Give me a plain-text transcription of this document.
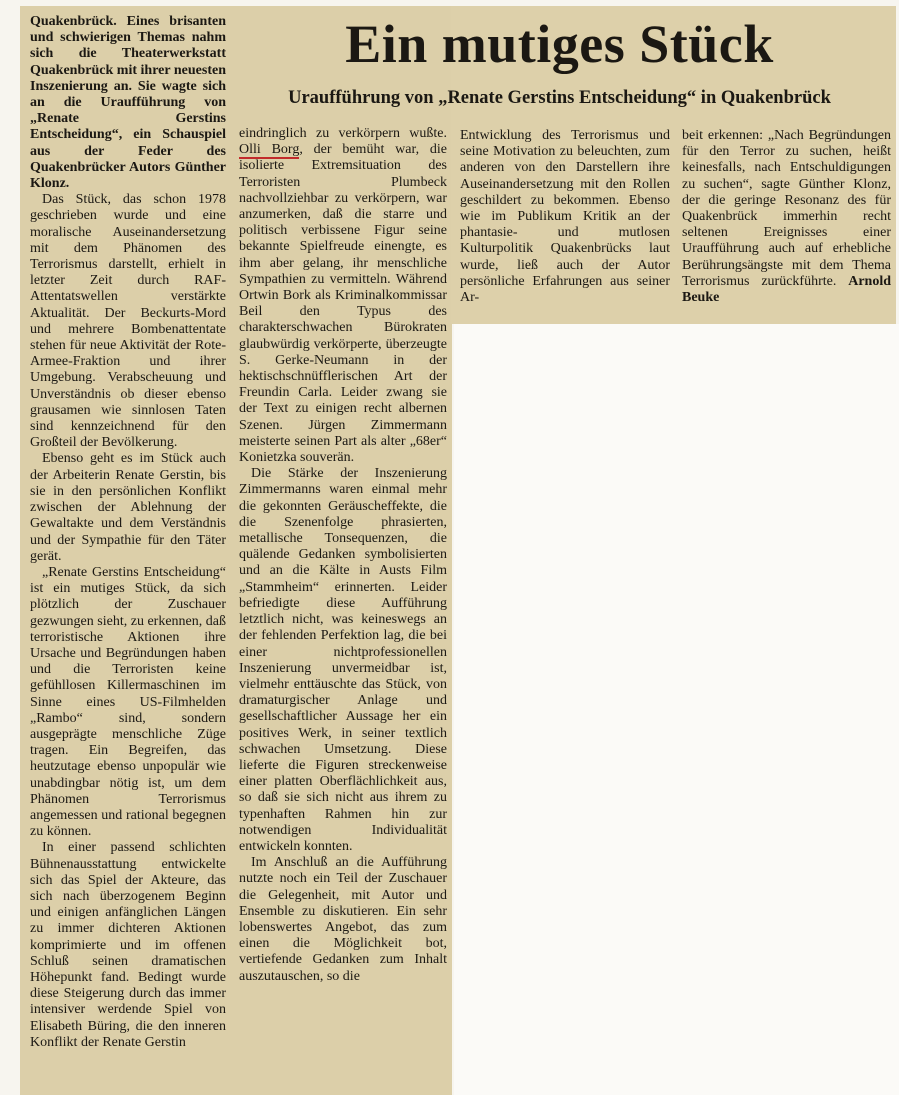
Ein mutiges Stück
Uraufführung von „Renate Gerstins Entscheidung“ in Quakenbrück

Quakenbrück. Eines brisanten und schwierigen Themas nahm sich die Theaterwerkstatt Quakenbrück mit ihrer neuesten Inszenierung an. Sie wagte sich an die Uraufführung von „Renate Gerstins Entscheidung“, ein Schauspiel aus der Feder des Quakenbrücker Autors Günther Klonz.

Das Stück, das schon 1978 geschrieben wurde und eine moralische Auseinandersetzung mit dem Phänomen des Terrorismus darstellt, erhielt in letzter Zeit durch RAF-Attentatswellen verstärkte Aktualität. Der Beckurts-Mord und mehrere Bombenattentate stehen für neue Aktivität der Rote-Armee-Fraktion und ihrer Umgebung. Verabscheuung und Unverständnis ob dieser ebenso grausamen wie sinnlosen Taten sind kennzeichnend für den Großteil der Bevölkerung.

Ebenso geht es im Stück auch der Arbeiterin Renate Gerstin, bis sie in den persönlichen Konflikt zwischen der Ablehnung der Gewaltakte und dem Verständnis und der Sympathie für den Täter gerät.

„Renate Gerstins Entscheidung“ ist ein mutiges Stück, da sich plötzlich der Zuschauer gezwungen sieht, zu erkennen, daß terroristische Aktionen ihre Ursache und Begründungen haben und die Terroristen keine gefühllosen Killermaschinen im Sinne eines US-Filmhelden „Rambo“ sind, sondern ausgeprägte menschliche Züge tragen. Ein Begreifen, das heutzutage ebenso unpopulär wie unabdingbar nötig ist, um dem Phänomen Terrorismus angemessen und rational begegnen zu können.

In einer passend schlichten Bühnenausstattung entwickelte sich das Spiel der Akteure, das sich nach überzogenem Beginn und einigen anfänglichen Längen zu immer dichteren Aktionen komprimierte und im offenen Schluß seinen dramatischen Höhepunkt fand. Bedingt wurde diese Steigerung durch das immer intensiver werdende Spiel von Elisabeth Büring, die den inneren Konflikt der Renate Gerstin

eindringlich zu verkörpern wußte. Olli Borg, der bemüht war, die isolierte Extremsituation des Terroristen Plumbeck nachvollziehbar zu verkörpern, war anzumerken, daß die starre und politisch verbissene Figur seine bekannte Spielfreude einengte, es ihm aber gelang, ihr menschliche Sympathien zu vermitteln. Während Ortwin Bork als Kriminalkommissar Beil den Typus des charakterschwachen Bürokraten glaubwürdig verkörperte, überzeugte S. Gerke-Neumann in der hektischschnüfflerischen Art der Freundin Carla. Leider zwang sie der Text zu einigen recht albernen Szenen. Jürgen Zimmermann meisterte seinen Part als alter „68er“ Konietzka souverän.

Die Stärke der Inszenierung Zimmermanns waren einmal mehr die gekonnten Geräuscheffekte, die die Szenenfolge phrasierten, metallische Tonsequenzen, die quälende Gedanken symbolisierten und an die Kälte in Austs Film „Stammheim“ erinnerten. Leider befriedigte diese Aufführung letztlich nicht, was keineswegs an der fehlenden Perfektion lag, die bei einer nichtprofessionellen Inszenierung unvermeidbar ist, vielmehr enttäuschte das Stück, von dramaturgischer Anlage und gesellschaftlicher Aussage her ein positives Werk, in seiner textlich schwachen Umsetzung. Diese lieferte die Figuren streckenweise einer platten Oberflächlichkeit aus, so daß sie sich nicht aus ihrem zu typenhaften Rahmen hin zur notwendigen Individualität entwickeln konnten.

Im Anschluß an die Aufführung nutzte noch ein Teil der Zuschauer die Gelegenheit, mit Autor und Ensemble zu diskutieren. Ein sehr lobenswertes Angebot, das zum einen die Möglichkeit bot, vertiefende Gedanken zum Inhalt auszutauschen, so die

Entwicklung des Terrorismus und seine Motivation zu beleuchten, zum anderen von den Darstellern ihre Auseinandersetzung mit den Rollen geschildert zu bekommen. Ebenso wie im Publikum Kritik an der phantasie- und mutlosen Kulturpolitik Quakenbrücks laut wurde, ließ auch der Autor persönliche Erfahrungen aus seiner Ar-

beit erkennen: „Nach Begründungen für den Terror zu suchen, heißt keinesfalls, nach Entschuldigungen zu suchen“, sagte Günther Klonz, der die geringe Resonanz des für Quakenbrück immerhin recht seltenen Ereignisses einer Uraufführung auch auf erhebliche Berührungsängste mit dem Thema Terrorismus zurückführte. Arnold Beuke
